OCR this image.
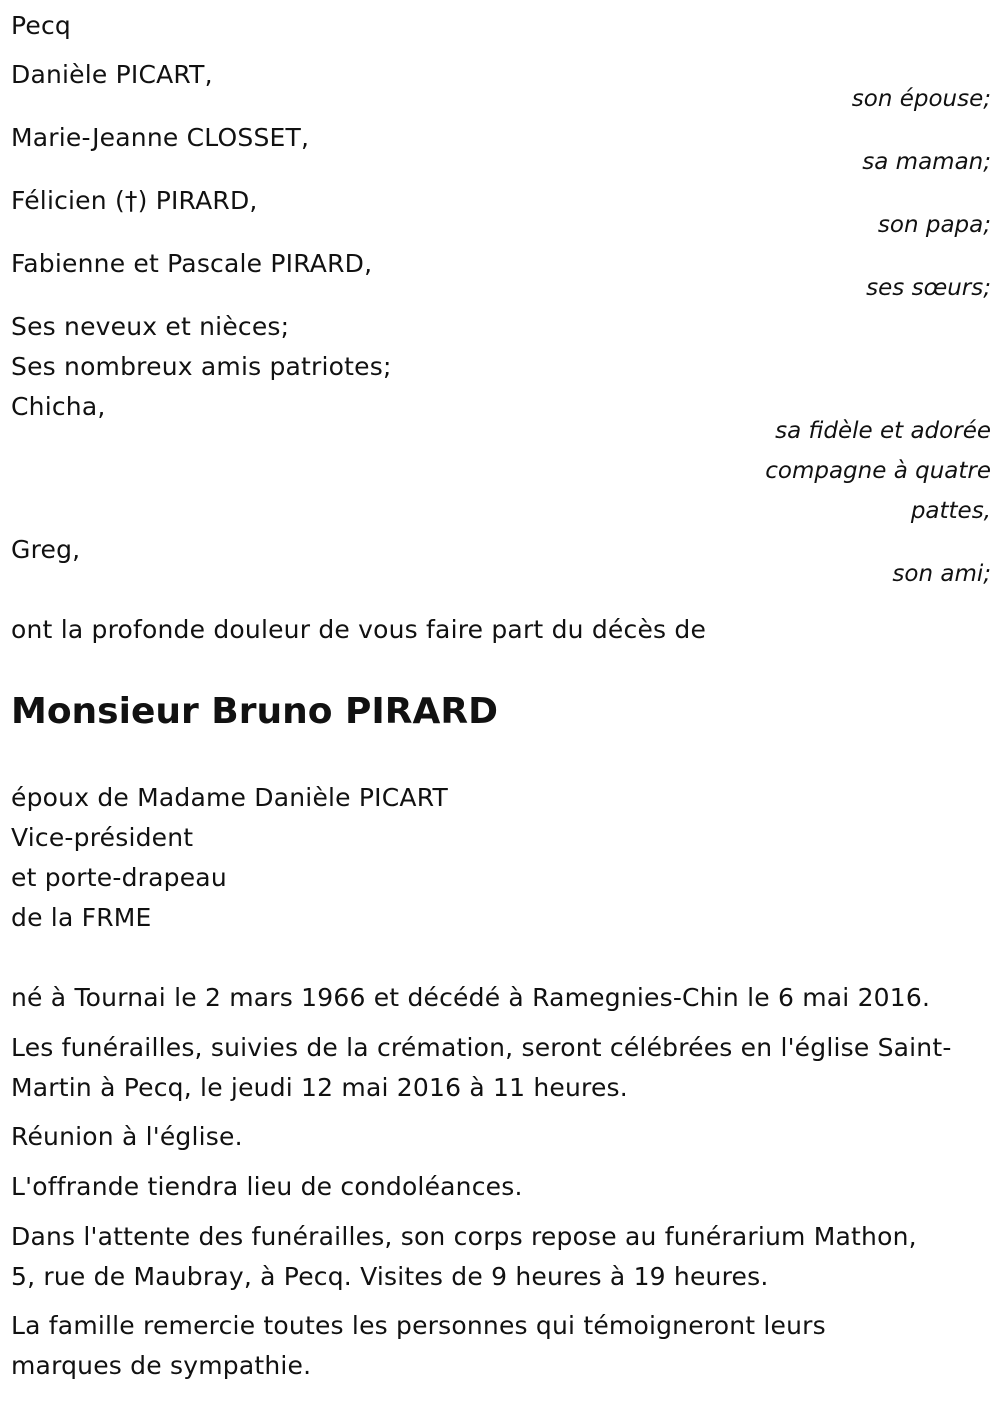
Pecq
Danièle PICART,
son épouse;
Marie-Jeanne CLOSSET,
sa maman;
Félicien (†) PIRARD,
son papa;
Fabienne et Pascale PIRARD,
ses sœurs;
Ses neveux et nièces;
Ses nombreux amis patriotes;
Chicha,
sa fidèle et adorée
compagne à quatre
pattes,
Greg,
son ami;
ont la profonde douleur de vous faire part du décès de
Monsieur Bruno PIRARD
époux de Madame Danièle PICART
Vice-président
et porte-drapeau
de la FRME
né à Tournai le 2 mars 1966 et décédé à Ramegnies-Chin le 6 mai 2016.
Les funérailles, suivies de la crémation, seront célébrées en l'église Saint-
Martin à Pecq, le jeudi 12 mai 2016 à 11 heures.
Réunion à l'église.
L'offrande tiendra lieu de condoléances.
Dans l'attente des funérailles, son corps repose au funérarium Mathon,
5, rue de Maubray, à Pecq. Visites de 9 heures à 19 heures.
La famille remercie toutes les personnes qui témoigneront leurs
marques de sympathie.
